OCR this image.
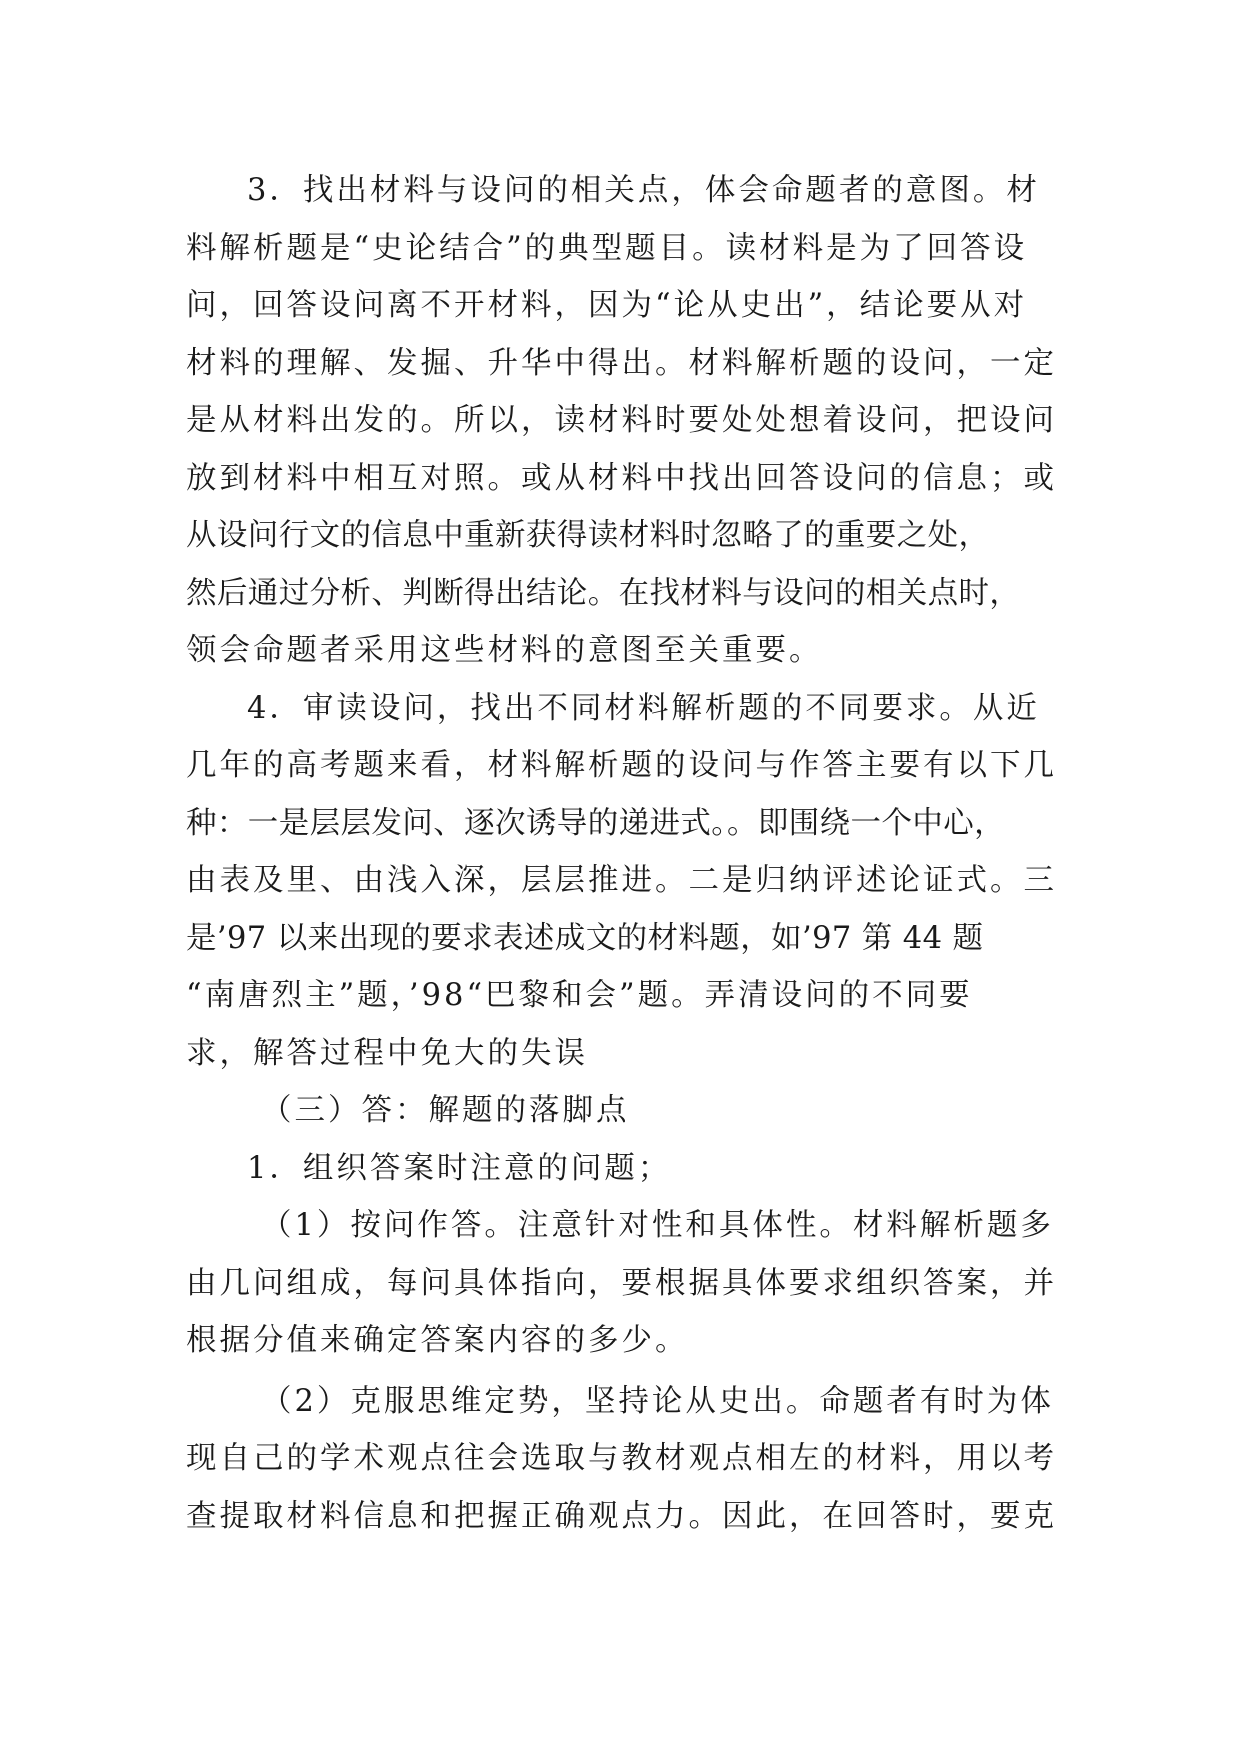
3．找出材料与设问的相关点，体会命题者的意图。材
料解析题是“史论结合”的典型题目。读材料是为了回答设
问，回答设问离不开材料，因为“论从史出”，结论要从对
材料的理解、发掘、升华中得出。材料解析题的设问，一定
是从材料出发的。所以，读材料时要处处想着设问，把设问
放到材料中相互对照。或从材料中找出回答设问的信息；或
从设问行文的信息中重新获得读材料时忽略了的重要之处，
然后通过分析、判断得出结论。在找材料与设问的相关点时，
领会命题者采用这些材料的意图至关重要。
4．审读设问，找出不同材料解析题的不同要求。从近
几年的高考题来看，材料解析题的设问与作答主要有以下几
种：一是层层发问、逐次诱导的递进式。。即围绕一个中心，
由表及里、由浅入深，层层推进。二是归纳评述论证式。三
是’97 以来出现的要求表述成文的材料题，如’97 第 44 题
“南唐烈主”题，’98“巴黎和会”题。弄清设问的不同要
求，解答过程中免大的失误
（三）答：解题的落脚点
1．组织答案时注意的问题；
（1）按问作答。注意针对性和具体性。材料解析题多
由几问组成，每问具体指向，要根据具体要求组织答案，并
根据分值来确定答案内容的多少。
（2）克服思维定势，坚持论从史出。命题者有时为体
现自己的学术观点往会选取与教材观点相左的材料，用以考
查提取材料信息和把握正确观点力。因此，在回答时，要克
